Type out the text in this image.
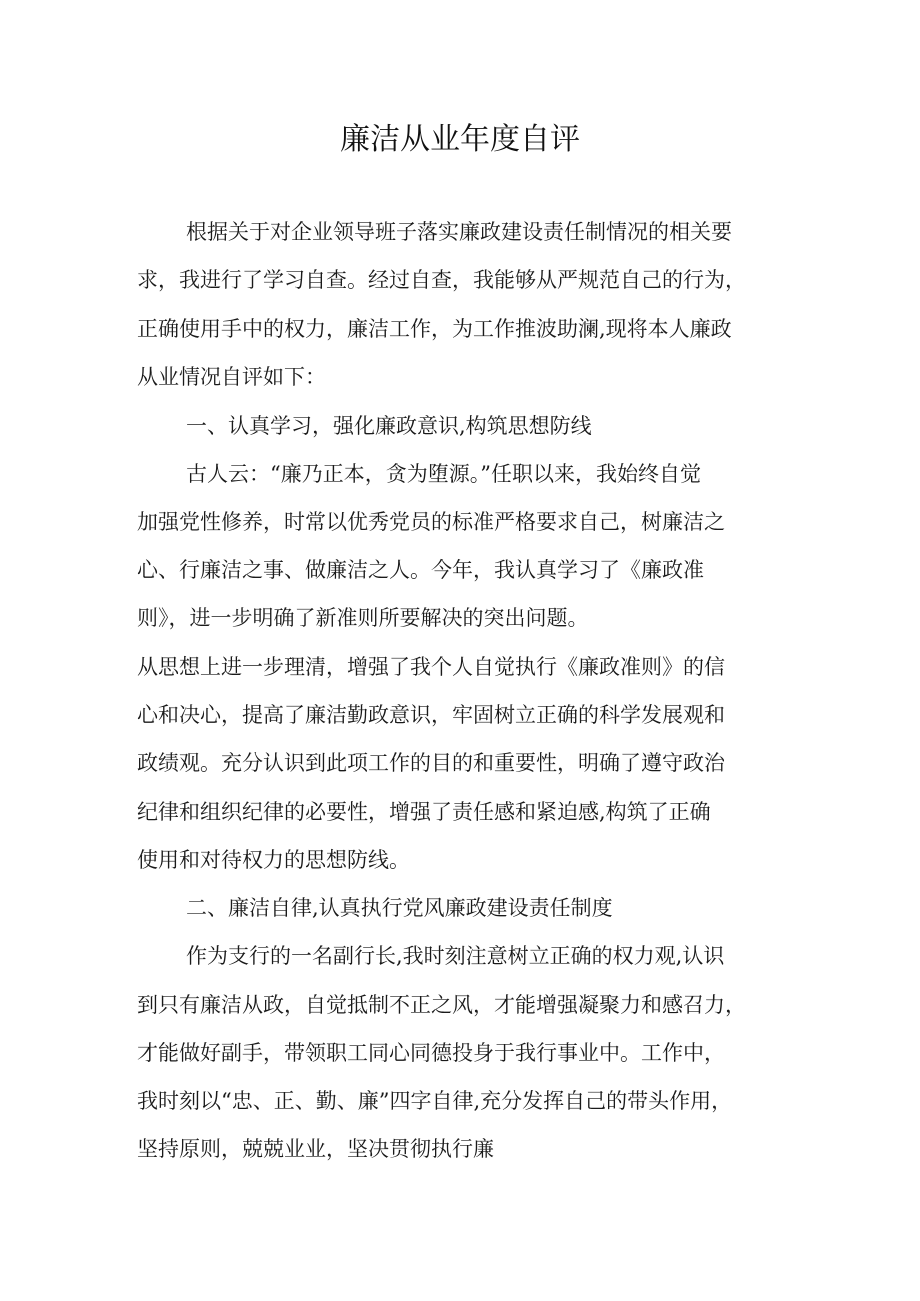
廉洁从业年度自评
根据关于对企业领导班子落实廉政建设责任制情况的相关要
求，我进行了学习自查。经过自查，我能够从严规范自己的行为，
正确使用手中的权力，廉洁工作，为工作推波助澜,现将本人廉政
从业情况自评如下：
一、认真学习，强化廉政意识,构筑思想防线
古人云：“廉乃正本，贪为堕源。”任职以来，我始终自觉
加强党性修养，时常以优秀党员的标准严格要求自己，树廉洁之
心、行廉洁之事、做廉洁之人。今年，我认真学习了《廉政准
则》，进一步明确了新准则所要解决的突出问题。
从思想上进一步理清，增强了我个人自觉执行《廉政准则》的信
心和决心，提高了廉洁勤政意识，牢固树立正确的科学发展观和
政绩观。充分认识到此项工作的目的和重要性，明确了遵守政治
纪律和组织纪律的必要性，增强了责任感和紧迫感,构筑了正确
使用和对待权力的思想防线。
二、廉洁自律,认真执行党风廉政建设责任制度
作为支行的一名副行长,我时刻注意树立正确的权力观,认识
到只有廉洁从政，自觉抵制不正之风，才能增强凝聚力和感召力，
才能做好副手，带领职工同心同德投身于我行事业中。工作中，
我时刻以“忠、正、勤、廉”四字自律,充分发挥自己的带头作用，
坚持原则，兢兢业业，坚决贯彻执行廉
